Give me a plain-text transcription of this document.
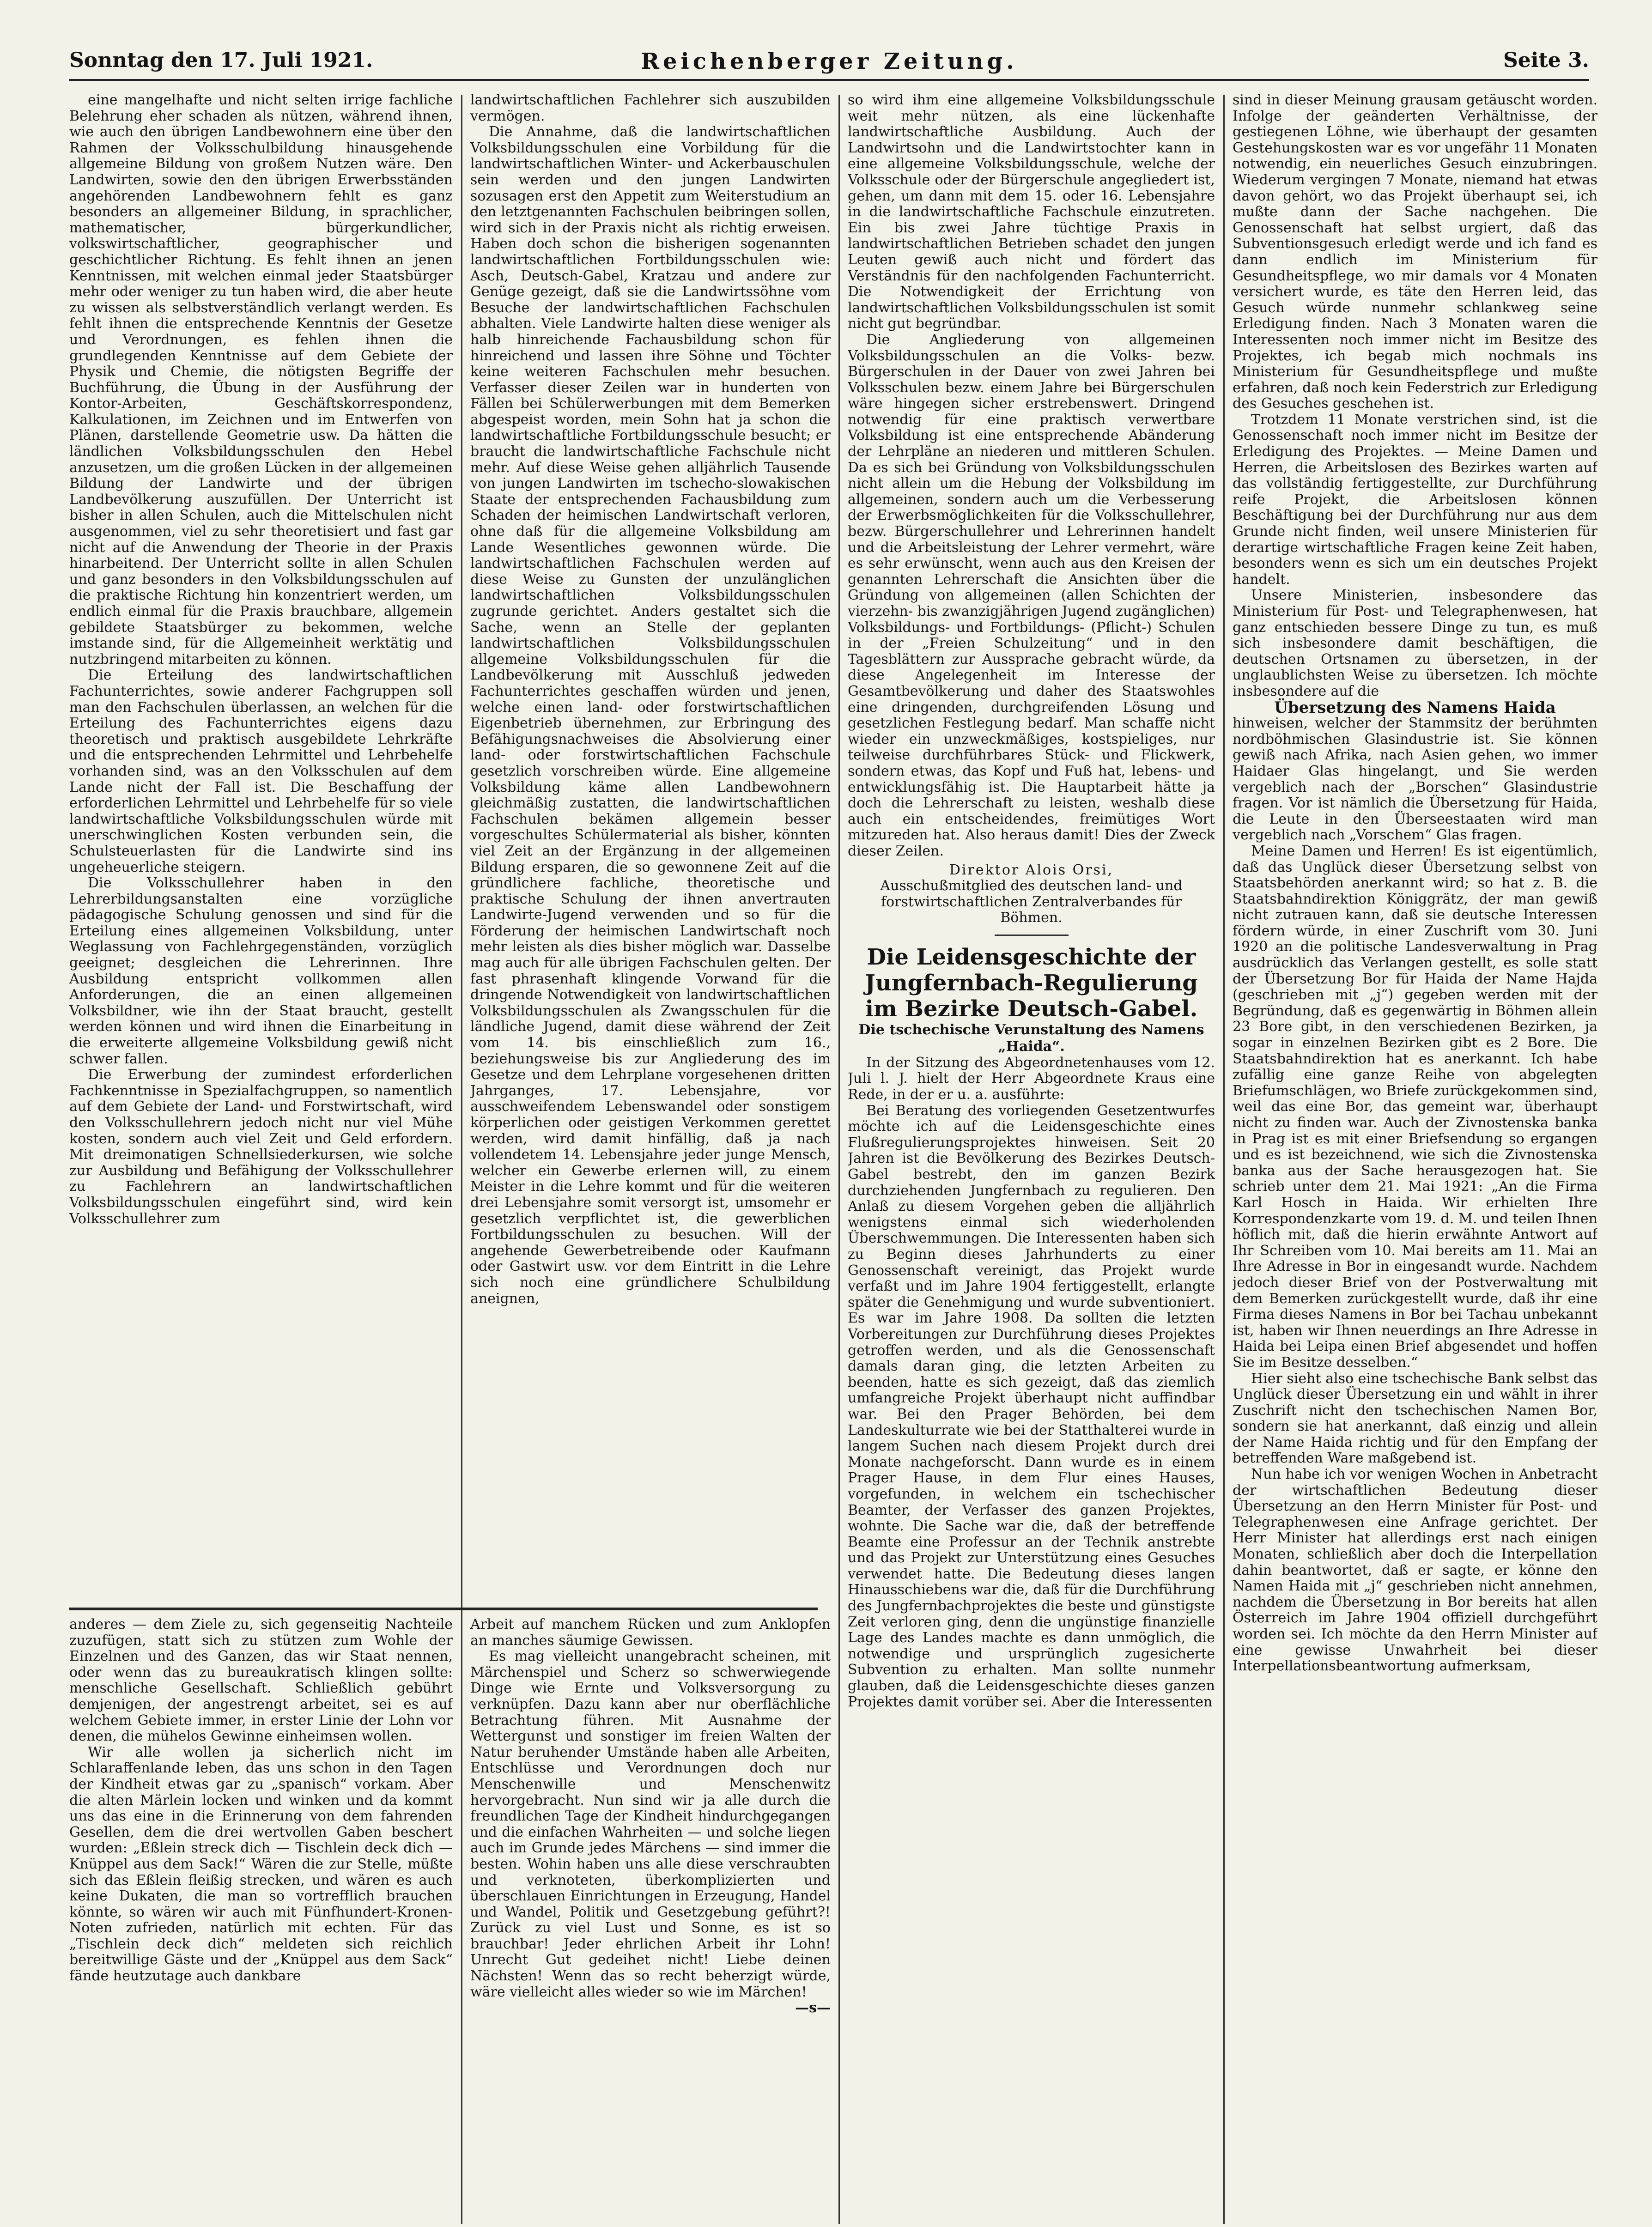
Sonntag den 17. Juli 1921.	Reichenberger Zeitung.	Seite 3.

eine mangelhafte und nicht selten irrige fachliche Belehrung eher schaden als nützen, während ihnen, wie auch den übrigen Landbewohnern eine über den Rahmen der Volksschulbildung hinausgehende allgemeine Bildung von großem Nutzen wäre. Den Landwirten, sowie den den übrigen Erwerbsständen angehörenden Landbewohnern fehlt es ganz besonders an allgemeiner Bildung, in sprachlicher, mathematischer, bürgerkundlicher, volkswirtschaftlicher, geographischer und geschichtlicher Richtung. Es fehlt ihnen an jenen Kenntnissen, mit welchen einmal jeder Staatsbürger mehr oder weniger zu tun haben wird, die aber heute zu wissen als selbstverständlich verlangt werden. Es fehlt ihnen die entsprechende Kenntnis der Gesetze und Verordnungen, es fehlen ihnen die grundlegenden Kenntnisse auf dem Gebiete der Physik und Chemie, die nötigsten Begriffe der Buchführung, die Übung in der Ausführung der Kontor-Arbeiten, Geschäftskorrespondenz, Kalkulationen, im Zeichnen und im Entwerfen von Plänen, darstellende Geometrie usw. Da hätten die ländlichen Volksbildungsschulen den Hebel anzusetzen, um die großen Lücken in der allgemeinen Bildung der Landwirte und der übrigen Landbevölkerung auszufüllen. Der Unterricht ist bisher in allen Schulen, auch die Mittelschulen nicht ausgenommen, viel zu sehr theoretisiert und fast gar nicht auf die Anwendung der Theorie in der Praxis hinarbeitend. Der Unterricht sollte in allen Schulen und ganz besonders in den Volksbildungsschulen auf die praktische Richtung hin konzentriert werden, um endlich einmal für die Praxis brauchbare, allgemein gebildete Staatsbürger zu bekommen, welche imstande sind, für die Allgemeinheit werktätig und nutzbringend mitarbeiten zu können.

Die Erteilung des landwirtschaftlichen Fachunterrichtes, sowie anderer Fachgruppen soll man den Fachschulen überlassen, an welchen für die Erteilung des Fachunterrichtes eigens dazu theoretisch und praktisch ausgebildete Lehrkräfte und die entsprechenden Lehrmittel und Lehrbehelfe vorhanden sind, was an den Volksschulen auf dem Lande nicht der Fall ist. Die Beschaffung der erforderlichen Lehrmittel und Lehrbehelfe für so viele landwirtschaftliche Volksbildungsschulen würde mit unerschwinglichen Kosten verbunden sein, die Schulsteuerlasten für die Landwirte sind ins ungeheuerliche steigern.

Die Volksschullehrer haben in den Lehrerbildungsanstalten eine vorzügliche pädagogische Schulung genossen und sind für die Erteilung eines allgemeinen Volksbildung, unter Weglassung von Fachlehrgegenständen, vorzüglich geeignet; desgleichen die Lehrerinnen. Ihre Ausbildung entspricht vollkommen allen Anforderungen, die an einen allgemeinen Volksbildner, wie ihn der Staat braucht, gestellt werden können und wird ihnen die Einarbeitung in die erweiterte allgemeine Volksbildung gewiß nicht schwer fallen.

Die Erwerbung der zumindest erforderlichen Fachkenntnisse in Spezialfachgruppen, so namentlich auf dem Gebiete der Land- und Forstwirtschaft, wird den Volksschullehrern jedoch nicht nur viel Mühe kosten, sondern auch viel Zeit und Geld erfordern. Mit dreimonatigen Schnellsiederkursen, wie solche zur Ausbildung und Befähigung der Volksschullehrer zu Fachlehrern an landwirtschaftlichen Volksbildungsschulen eingeführt sind, wird kein Volksschullehrer zum

landwirtschaftlichen Fachlehrer sich auszubilden vermögen.

Die Annahme, daß die landwirtschaftlichen Volksbildungsschulen eine Vorbildung für die landwirtschaftlichen Winter- und Ackerbauschulen sein werden und den jungen Landwirten sozusagen erst den Appetit zum Weiterstudium an den letztgenannten Fachschulen beibringen sollen, wird sich in der Praxis nicht als richtig erweisen. Haben doch schon die bisherigen sogenannten landwirtschaftlichen Fortbildungsschulen wie: Asch, Deutsch-Gabel, Kratzau und andere zur Genüge gezeigt, daß sie die Landwirtssöhne vom Besuche der landwirtschaftlichen Fachschulen abhalten. Viele Landwirte halten diese weniger als halb hinreichende Fachausbildung schon für hinreichend und lassen ihre Söhne und Töchter keine weiteren Fachschulen mehr besuchen. Verfasser dieser Zeilen war in hunderten von Fällen bei Schülerwerbungen mit dem Bemerken abgespeist worden, mein Sohn hat ja schon die landwirtschaftliche Fortbildungsschule besucht; er braucht die landwirtschaftliche Fachschule nicht mehr. Auf diese Weise gehen alljährlich Tausende von jungen Landwirten im tschecho-slowakischen Staate der entsprechenden Fachausbildung zum Schaden der heimischen Landwirtschaft verloren, ohne daß für die allgemeine Volksbildung am Lande Wesentliches gewonnen würde. Die landwirtschaftlichen Fachschulen werden auf diese Weise zu Gunsten der unzulänglichen landwirtschaftlichen Volksbildungsschulen zugrunde gerichtet. Anders gestaltet sich die Sache, wenn an Stelle der geplanten landwirtschaftlichen Volksbildungsschulen allgemeine Volksbildungsschulen für die Landbevölkerung mit Ausschluß jedweden Fachunterrichtes geschaffen würden und jenen, welche einen land- oder forstwirtschaftlichen Eigenbetrieb übernehmen, zur Erbringung des Befähigungsnachweises die Absolvierung einer land- oder forstwirtschaftlichen Fachschule gesetzlich vorschreiben würde. Eine allgemeine Volksbildung käme allen Landbewohnern gleichmäßig zustatten, die landwirtschaftlichen Fachschulen bekämen allgemein besser vorgeschultes Schülermaterial als bisher, könnten viel Zeit an der Ergänzung in der allgemeinen Bildung ersparen, die so gewonnene Zeit auf die gründlichere fachliche, theoretische und praktische Schulung der ihnen anvertrauten Landwirte-Jugend verwenden und so für die Förderung der heimischen Landwirtschaft noch mehr leisten als dies bisher möglich war. Dasselbe mag auch für alle übrigen Fachschulen gelten. Der fast phrasenhaft klingende Vorwand für die dringende Notwendigkeit von landwirtschaftlichen Volksbildungsschulen als Zwangsschulen für die ländliche Jugend, damit diese während der Zeit vom 14. bis einschließlich zum 16., beziehungsweise bis zur Angliederung des im Gesetze und dem Lehrplane vorgesehenen dritten Jahrganges, 17. Lebensjahre, vor ausschweifendem Lebenswandel oder sonstigem körperlichen oder geistigen Verkommen gerettet werden, wird damit hinfällig, daß ja nach vollendetem 14. Lebensjahre jeder junge Mensch, welcher ein Gewerbe erlernen will, zu einem Meister in die Lehre kommt und für die weiteren drei Lebensjahre somit versorgt ist, umsomehr er gesetzlich verpflichtet ist, die gewerblichen Fortbildungsschulen zu besuchen. Will der angehende Gewerbetreibende oder Kaufmann oder Gastwirt usw. vor dem Eintritt in die Lehre sich noch eine gründlichere Schulbildung aneignen,

so wird ihm eine allgemeine Volksbildungsschule weit mehr nützen, als eine lückenhafte landwirtschaftliche Ausbildung. Auch der Landwirtsohn und die Landwirtstochter kann in eine allgemeine Volksbildungsschule, welche der Volksschule oder der Bürgerschule angegliedert ist, gehen, um dann mit dem 15. oder 16. Lebensjahre in die landwirtschaftliche Fachschule einzutreten. Ein bis zwei Jahre tüchtige Praxis in landwirtschaftlichen Betrieben schadet den jungen Leuten gewiß auch nicht und fördert das Verständnis für den nachfolgenden Fachunterricht. Die Notwendigkeit der Errichtung von landwirtschaftlichen Volksbildungsschulen ist somit nicht gut begründbar.

Die Angliederung von allgemeinen Volksbildungsschulen an die Volks- bezw. Bürgerschulen in der Dauer von zwei Jahren bei Volksschulen bezw. einem Jahre bei Bürgerschulen wäre hingegen sicher erstrebenswert. Dringend notwendig für eine praktisch verwertbare Volksbildung ist eine entsprechende Abänderung der Lehrpläne an niederen und mittleren Schulen. Da es sich bei Gründung von Volksbildungsschulen nicht allein um die Hebung der Volksbildung im allgemeinen, sondern auch um die Verbesserung der Erwerbsmöglichkeiten für die Volksschullehrer, bezw. Bürgerschullehrer und Lehrerinnen handelt und die Arbeitsleistung der Lehrer vermehrt, wäre es sehr erwünscht, wenn auch aus den Kreisen der genannten Lehrerschaft die Ansichten über die Gründung von allgemeinen (allen Schichten der vierzehn- bis zwanzigjährigen Jugend zugänglichen) Volksbildungs- und Fortbildungs- (Pflicht-) Schulen in der „Freien Schulzeitung“ und in den Tagesblättern zur Aussprache gebracht würde, da diese Angelegenheit im Interesse der Gesamtbevölkerung und daher des Staatswohles eine dringenden, durchgreifenden Lösung und gesetzlichen Festlegung bedarf. Man schaffe nicht wieder ein unzweckmäßiges, kostspieliges, nur teilweise durchführbares Stück- und Flickwerk, sondern etwas, das Kopf und Fuß hat, lebens- und entwicklungsfähig ist. Die Hauptarbeit hätte ja doch die Lehrerschaft zu leisten, weshalb diese auch ein entscheidendes, freimütiges Wort mitzureden hat. Also heraus damit! Dies der Zweck dieser Zeilen.

Direktor Alois Orsi,

Ausschußmitglied des deutschen land- und forstwirtschaftlichen Zentralverbandes für Böhmen.

Die Leidensgeschichte der Jungfernbach-Regulierung im Bezirke Deutsch-Gabel.

Die tschechische Verunstaltung des Namens „Haida“.

In der Sitzung des Abgeordnetenhauses vom 12. Juli l. J. hielt der Herr Abgeordnete Kraus eine Rede, in der er u. a. ausführte:

Bei Beratung des vorliegenden Gesetzentwurfes möchte ich auf die Leidensgeschichte eines Flußregulierungsprojektes hinweisen. Seit 20 Jahren ist die Bevölkerung des Bezirkes Deutsch-Gabel bestrebt, den im ganzen Bezirk durchziehenden Jungfernbach zu regulieren. Den Anlaß zu diesem Vorgehen geben die alljährlich wenigstens einmal sich wiederholenden Überschwemmungen. Die Interessenten haben sich zu Beginn dieses Jahrhunderts zu einer Genossenschaft vereinigt, das Projekt wurde verfaßt und im Jahre 1904 fertiggestellt, erlangte später die Genehmigung und wurde subventioniert. Es war im Jahre 1908. Da sollten die letzten Vorbereitungen zur Durchführung dieses Projektes getroffen werden, und als die Genossenschaft damals daran ging, die letzten Arbeiten zu beenden, hatte es sich gezeigt, daß das ziemlich umfangreiche Projekt überhaupt nicht auffindbar war. Bei den Prager Behörden, bei dem Landeskulturrate wie bei der Statthalterei wurde in langem Suchen nach diesem Projekt durch drei Monate nachgeforscht. Dann wurde es in einem Prager Hause, in dem Flur eines Hauses, vorgefunden, in welchem ein tschechischer Beamter, der Verfasser des ganzen Projektes, wohnte. Die Sache war die, daß der betreffende Beamte eine Professur an der Technik anstrebte und das Projekt zur Unterstützung eines Gesuches verwendet hatte. Die Bedeutung dieses langen Hinausschiebens war die, daß für die Durchführung des Jungfernbachprojektes die beste und günstigste Zeit verloren ging, denn die ungünstige finanzielle Lage des Landes machte es dann unmöglich, die notwendige und ursprünglich zugesicherte Subvention zu erhalten. Man sollte nunmehr glauben, daß die Leidensgeschichte dieses ganzen Projektes damit vorüber sei. Aber die Interessenten

sind in dieser Meinung grausam getäuscht worden. Infolge der geänderten Verhältnisse, der gestiegenen Löhne, wie überhaupt der gesamten Gestehungskosten war es vor ungefähr 11 Monaten notwendig, ein neuerliches Gesuch einzubringen. Wiederum vergingen 7 Monate, niemand hat etwas davon gehört, wo das Projekt überhaupt sei, ich mußte dann der Sache nachgehen. Die Genossenschaft hat selbst urgiert, daß das Subventionsgesuch erledigt werde und ich fand es dann endlich im Ministerium für Gesundheitspflege, wo mir damals vor 4 Monaten versichert wurde, es täte den Herren leid, das Gesuch würde nunmehr schlankweg seine Erledigung finden. Nach 3 Monaten waren die Interessenten noch immer nicht im Besitze des Projektes, ich begab mich nochmals ins Ministerium für Gesundheitspflege und mußte erfahren, daß noch kein Federstrich zur Erledigung des Gesuches geschehen ist.

Trotzdem 11 Monate verstrichen sind, ist die Genossenschaft noch immer nicht im Besitze der Erledigung des Projektes. — Meine Damen und Herren, die Arbeitslosen des Bezirkes warten auf das vollständig fertiggestellte, zur Durchführung reife Projekt, die Arbeitslosen können Beschäftigung bei der Durchführung nur aus dem Grunde nicht finden, weil unsere Ministerien für derartige wirtschaftliche Fragen keine Zeit haben, besonders wenn es sich um ein deutsches Projekt handelt.

Unsere Ministerien, insbesondere das Ministerium für Post- und Telegraphenwesen, hat ganz entschieden bessere Dinge zu tun, es muß sich insbesondere damit beschäftigen, die deutschen Ortsnamen zu übersetzen, in der unglaublichsten Weise zu übersetzen. Ich möchte insbesondere auf die

Übersetzung des Namens Haida

hinweisen, welcher der Stammsitz der berühmten nordböhmischen Glasindustrie ist. Sie können gewiß nach Afrika, nach Asien gehen, wo immer Haidaer Glas hingelangt, und Sie werden vergeblich nach der „Borschen“ Glasindustrie fragen. Vor ist nämlich die Übersetzung für Haida, die Leute in den Überseestaaten wird man vergeblich nach „Vorschem“ Glas fragen.

Meine Damen und Herren! Es ist eigentümlich, daß das Unglück dieser Übersetzung selbst von Staatsbehörden anerkannt wird; so hat z. B. die Staatsbahndirektion Königgrätz, der man gewiß nicht zutrauen kann, daß sie deutsche Interessen fördern würde, in einer Zuschrift vom 30. Juni 1920 an die politische Landesverwaltung in Prag ausdrücklich das Verlangen gestellt, es solle statt der Übersetzung Bor für Haida der Name Hajda (geschrieben mit „j“) gegeben werden mit der Begründung, daß es gegenwärtig in Böhmen allein 23 Bore gibt, in den verschiedenen Bezirken, ja sogar in einzelnen Bezirken gibt es 2 Bore. Die Staatsbahndirektion hat es anerkannt. Ich habe zufällig eine ganze Reihe von abgelegten Briefumschlägen, wo Briefe zurückgekommen sind, weil das eine Bor, das gemeint war, überhaupt nicht zu finden war. Auch der Zivnostenska banka in Prag ist es mit einer Briefsendung so ergangen und es ist bezeichnend, wie sich die Zivnostenska banka aus der Sache herausgezogen hat. Sie schrieb unter dem 21. Mai 1921: „An die Firma Karl Hosch in Haida. Wir erhielten Ihre Korrespondenzkarte vom 19. d. M. und teilen Ihnen höflich mit, daß die hierin erwähnte Antwort auf Ihr Schreiben vom 10. Mai bereits am 11. Mai an Ihre Adresse in Bor in eingesandt wurde. Nachdem jedoch dieser Brief von der Postverwaltung mit dem Bemerken zurückgestellt wurde, daß ihr eine Firma dieses Namens in Bor bei Tachau unbekannt ist, haben wir Ihnen neuerdings an Ihre Adresse in Haida bei Leipa einen Brief abgesendet und hoffen Sie im Besitze desselben.“

Hier sieht also eine tschechische Bank selbst das Unglück dieser Übersetzung ein und wählt in ihrer Zuschrift nicht den tschechischen Namen Bor, sondern sie hat anerkannt, daß einzig und allein der Name Haida richtig und für den Empfang der betreffenden Ware maßgebend ist.

Nun habe ich vor wenigen Wochen in Anbetracht der wirtschaftlichen Bedeutung dieser Übersetzung an den Herrn Minister für Post- und Telegraphenwesen eine Anfrage gerichtet. Der Herr Minister hat allerdings erst nach einigen Monaten, schließlich aber doch die Interpellation dahin beantwortet, daß er sagte, er könne den Namen Haida mit „j“ geschrieben nicht annehmen, nachdem die Übersetzung in Bor bereits hat allen Österreich im Jahre 1904 offiziell durchgeführt worden sei. Ich möchte da den Herrn Minister auf eine gewisse Unwahrheit bei dieser Interpellationsbeantwortung aufmerksam,

anderes — dem Ziele zu, sich gegenseitig Nachteile zuzufügen, statt sich zu stützen zum Wohle der Einzelnen und des Ganzen, das wir Staat nennen, oder wenn das zu bureaukratisch klingen sollte: menschliche Gesellschaft. Schließlich gebührt demjenigen, der angestrengt arbeitet, sei es auf welchem Gebiete immer, in erster Linie der Lohn vor denen, die mühelos Gewinne einheimsen wollen.

Wir alle wollen ja sicherlich nicht im Schlaraffenlande leben, das uns schon in den Tagen der Kindheit etwas gar zu „spanisch“ vorkam. Aber die alten Märlein locken und winken und da kommt uns das eine in die Erinnerung von dem fahrenden Gesellen, dem die drei wertvollen Gaben beschert wurden: „Eßlein streck dich — Tischlein deck dich — Knüppel aus dem Sack!“ Wären die zur Stelle, müßte sich das Eßlein fleißig strecken, und wären es auch keine Dukaten, die man so vortrefflich brauchen könnte, so wären wir auch mit Fünfhundert-Kronen-Noten zufrieden, natürlich mit echten. Für das „Tischlein deck dich“ meldeten sich reichlich bereitwillige Gäste und der „Knüppel aus dem Sack“ fände heutzutage auch dankbare

Arbeit auf manchem Rücken und zum Anklopfen an manches säumige Gewissen.

Es mag vielleicht unangebracht scheinen, mit Märchenspiel und Scherz so schwerwiegende Dinge wie Ernte und Volksversorgung zu verknüpfen. Dazu kann aber nur oberflächliche Betrachtung führen. Mit Ausnahme der Wettergunst und sonstiger im freien Walten der Natur beruhender Umstände haben alle Arbeiten, Entschlüsse und Verordnungen doch nur Menschenwille und Menschenwitz hervorgebracht. Nun sind wir ja alle durch die freundlichen Tage der Kindheit hindurchgegangen und die einfachen Wahrheiten — und solche liegen auch im Grunde jedes Märchens — sind immer die besten. Wohin haben uns alle diese verschraubten und verknoteten, überkomplizierten und überschlauen Einrichtungen in Erzeugung, Handel und Wandel, Politik und Gesetzgebung geführt?! Zurück zu viel Lust und Sonne, es ist so brauchbar! Jeder ehrlichen Arbeit ihr Lohn! Unrecht Gut gedeihet nicht! Liebe deinen Nächsten! Wenn das so recht beherzigt würde, wäre vielleicht alles wieder so wie im Märchen!

—s—
